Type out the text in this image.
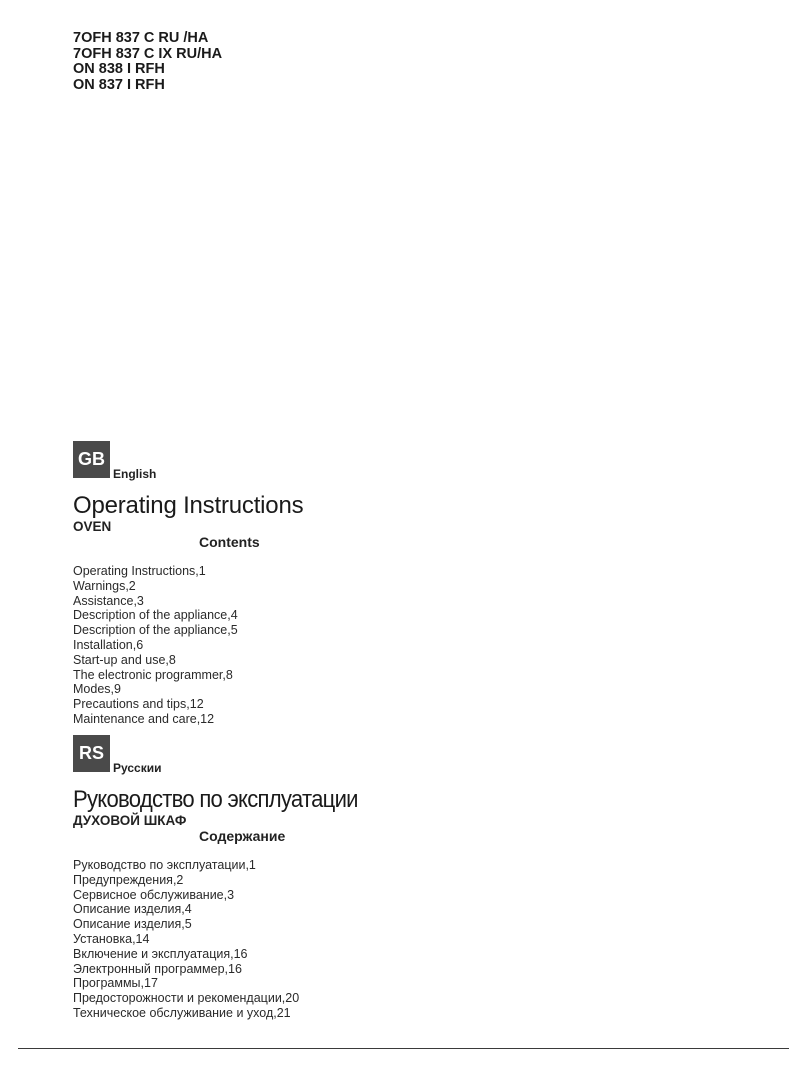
7OFH 837 C RU /HA
7OFH 837 C IX RU/HA
ON 838 I RFH
ON 837 I RFH
GB
English
Operating Instructions
OVEN
Contents
Operating Instructions,1
Warnings,2
Assistance,3
Description of the appliance,4
Description of the appliance,5
Installation,6
Start-up and use,8
The electronic programmer,8
Modes,9
Precautions and tips,12
Maintenance and care,12
RS
Русскии
Руководство по эксплуатации
ДУХОВОЙ ШКАФ
Содержание
Руководство по эксплуатации,1
Предупреждения,2
Сервисное обслуживание,3
Описание изделия,4
Описание изделия,5
Установка,14
Включение и эксплуатация,16
Электронный программер,16
Программы,17
Предосторожности и рекомендации,20
Техническое обслуживание и уход,21
